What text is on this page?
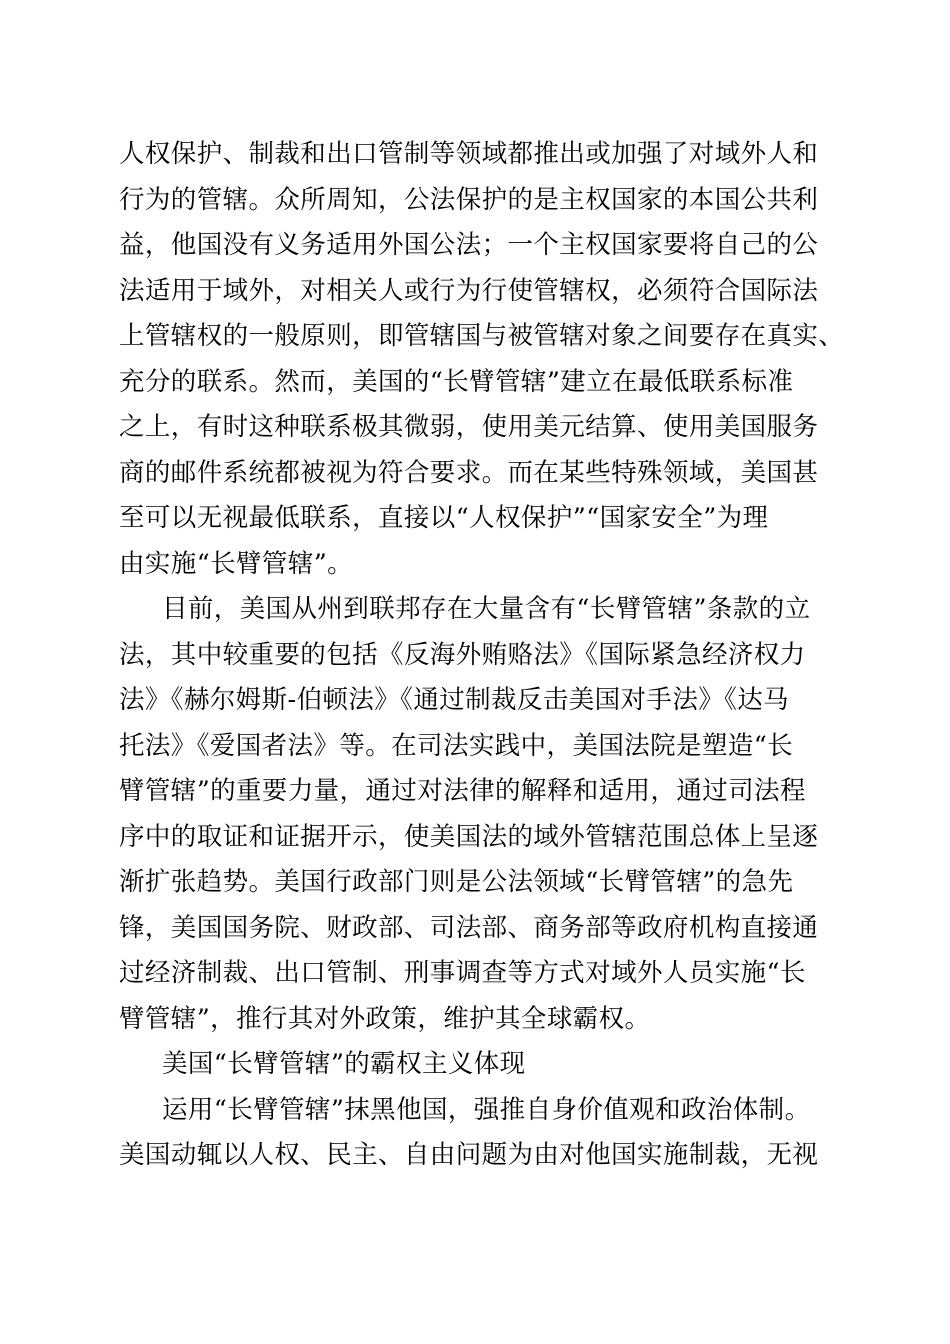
人权保护、制裁和出口管制等领域都推出或加强了对域外人和
行为的管辖。众所周知，公法保护的是主权国家的本国公共利
益，他国没有义务适用外国公法；一个主权国家要将自己的公
法适用于域外，对相关人或行为行使管辖权，必须符合国际法
上管辖权的一般原则，即管辖国与被管辖对象之间要存在真实、
充分的联系。然而，美国的“长臂管辖”建立在最低联系标准
之上，有时这种联系极其微弱，使用美元结算、使用美国服务
商的邮件系统都被视为符合要求。而在某些特殊领域，美国甚
至可以无视最低联系，直接以“人权保护”“国家安全”为理
由实施“长臂管辖”。
目前，美国从州到联邦存在大量含有“长臂管辖”条款的立
法，其中较重要的包括《反海外贿赂法》《国际紧急经济权力
法》《赫尔姆斯-伯顿法》《通过制裁反击美国对手法》《达马
托法》《爱国者法》等。在司法实践中，美国法院是塑造“长
臂管辖”的重要力量，通过对法律的解释和适用，通过司法程
序中的取证和证据开示，使美国法的域外管辖范围总体上呈逐
渐扩张趋势。美国行政部门则是公法领域“长臂管辖”的急先
锋，美国国务院、财政部、司法部、商务部等政府机构直接通
过经济制裁、出口管制、刑事调查等方式对域外人员实施“长
臂管辖”，推行其对外政策，维护其全球霸权。
美国“长臂管辖”的霸权主义体现
运用“长臂管辖”抹黑他国，强推自身价值观和政治体制。
美国动辄以人权、民主、自由问题为由对他国实施制裁，无视
